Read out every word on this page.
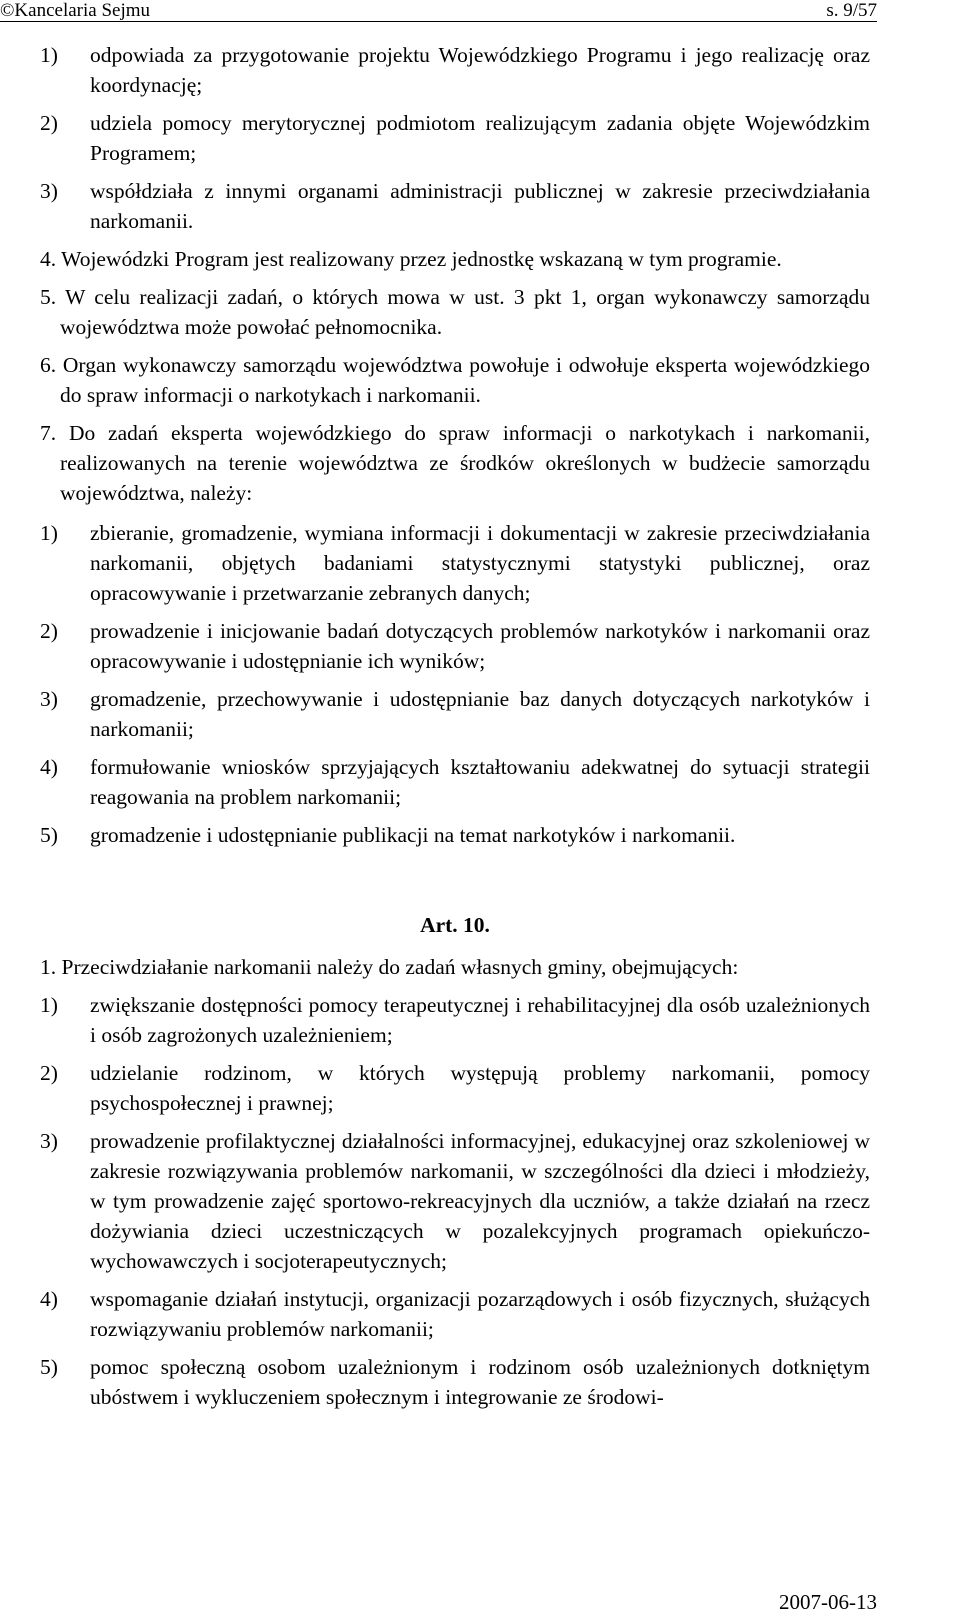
©Kancelaria Sejmu	s. 9/57
1) odpowiada za przygotowanie projektu Wojewódzkiego Programu i jego realizację oraz koordynację;
2) udziela pomocy merytorycznej podmiotom realizującym zadania objęte Wojewódzkim Programem;
3) współdziała z innymi organami administracji publicznej w zakresie przeciwdziałania narkomanii.
4. Wojewódzki Program jest realizowany przez jednostkę wskazaną w tym programie.
5. W celu realizacji zadań, o których mowa w ust. 3 pkt 1, organ wykonawczy samorządu województwa może powołać pełnomocnika.
6. Organ wykonawczy samorządu województwa powołuje i odwołuje eksperta wojewódzkiego do spraw informacji o narkotykach i narkomanii.
7. Do zadań eksperta wojewódzkiego do spraw informacji o narkotykach i narkomanii, realizowanych na terenie województwa ze środków określonych w budżecie samorządu województwa, należy:
1) zbieranie, gromadzenie, wymiana informacji i dokumentacji w zakresie przeciwdziałania narkomanii, objętych badaniami statystycznymi statystyki publicznej, oraz opracowywanie i przetwarzanie zebranych danych;
2) prowadzenie i inicjowanie badań dotyczących problemów narkotyków i narkomanii oraz opracowywanie i udostępnianie ich wyników;
3) gromadzenie, przechowywanie i udostępnianie baz danych dotyczących narkotyków i narkomanii;
4) formułowanie wniosków sprzyjających kształtowaniu adekwatnej do sytuacji strategii reagowania na problem narkomanii;
5) gromadzenie i udostępnianie publikacji na temat narkotyków i narkomanii.
Art. 10.
1. Przeciwdziałanie narkomanii należy do zadań własnych gminy, obejmujących:
1) zwiększanie dostępności pomocy terapeutycznej i rehabilitacyjnej dla osób uzależnionych i osób zagrożonych uzależnieniem;
2) udzielanie rodzinom, w których występują problemy narkomanii, pomocy psychospołecznej i prawnej;
3) prowadzenie profilaktycznej działalności informacyjnej, edukacyjnej oraz szkoleniowej w zakresie rozwiązywania problemów narkomanii, w szczególności dla dzieci i młodzieży, w tym prowadzenie zajęć sportowo-rekreacyjnych dla uczniów, a także działań na rzecz dożywiania dzieci uczestniczących w pozalekcyjnych programach opiekuńczo-wychowawczych i socjoterapeutycznych;
4) wspomaganie działań instytucji, organizacji pozarządowych i osób fizycznych, służących rozwiązywaniu problemów narkomanii;
5) pomoc społeczną osobom uzależnionym i rodzinom osób uzależnionych dotkniętym ubóstwem i wykluczeniem społecznym i integrowanie ze środowi-
2007-06-13
